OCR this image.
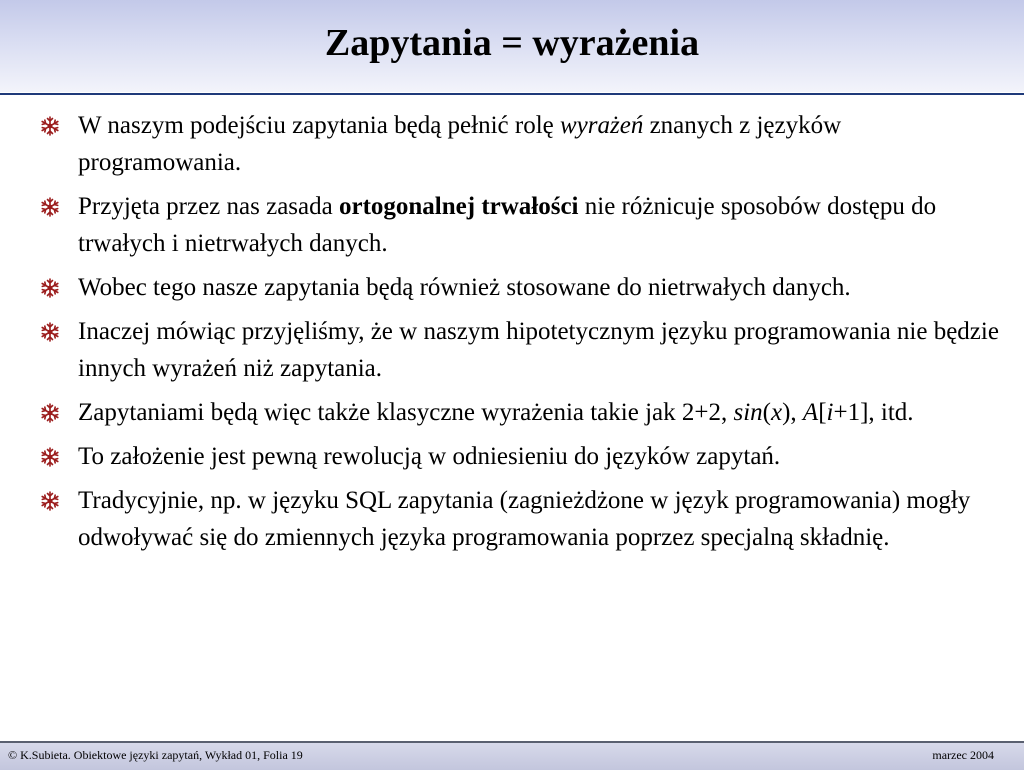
Zapytania = wyrażenia
W naszym podejściu zapytania będą pełnić rolę wyrażeń znanych z języków programowania.
Przyjęta przez nas zasada ortogonalnej trwałości nie różnicuje sposobów dostępu do trwałych i nietrwałych danych.
Wobec tego nasze zapytania będą również stosowane do nietrwałych danych.
Inaczej mówiąc przyjęliśmy, że w naszym hipotetycznym języku programowania nie będzie innych wyrażeń niż zapytania.
Zapytaniami będą więc także klasyczne wyrażenia takie jak 2+2, sin(x), A[i+1], itd.
To założenie jest pewną rewolucją w odniesieniu do języków zapytań.
Tradycyjnie, np. w języku SQL zapytania (zagnieżdżone w język programowania) mogły odwoływać się do zmiennych języka programowania poprzez specjalną składnię.
© K.Subieta. Obiektowe języki zapytań, Wykład 01, Folia 19	marzec 2004
